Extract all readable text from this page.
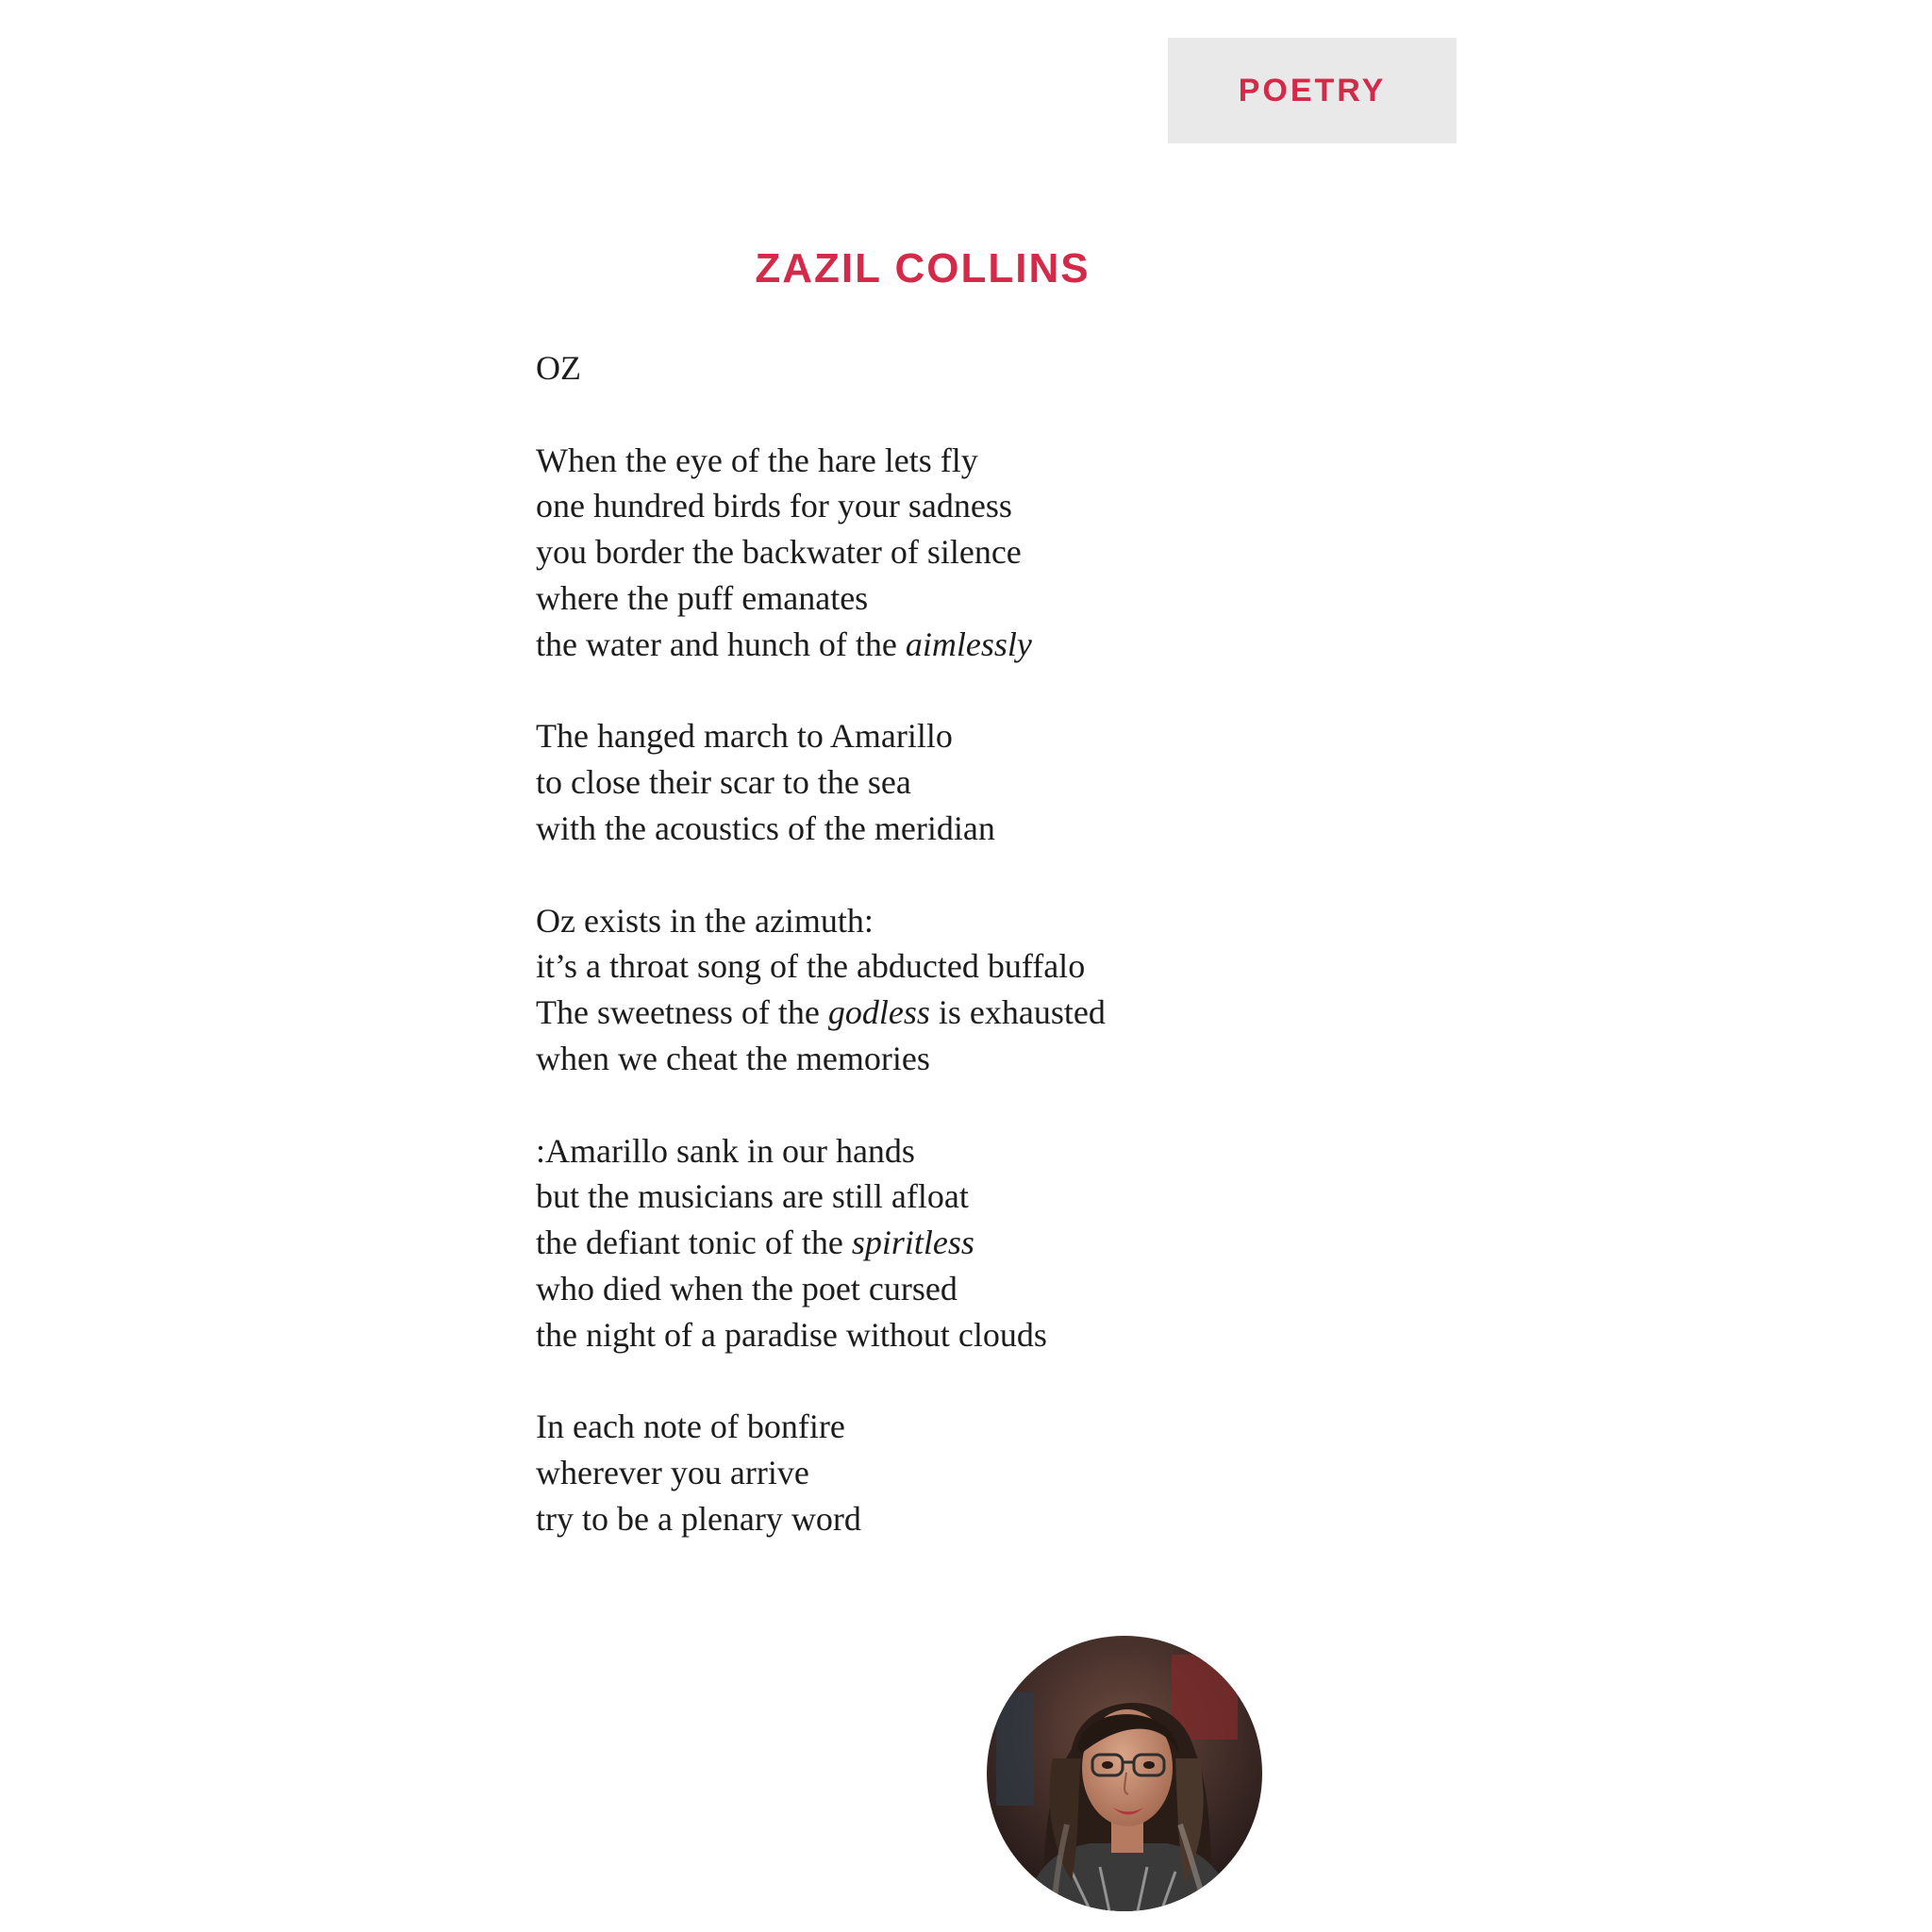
POETRY
ZAZIL COLLINS
OZ
When the eye of the hare lets fly
one hundred birds for your sadness
you border the backwater of silence
where the puff emanates
the water and hunch of the aimlessly
The hanged march to Amarillo
to close their scar to the sea
with the acoustics of the meridian
Oz exists in the azimuth:
it’s a throat song of the abducted buffalo
The sweetness of the godless is exhausted
when we cheat the memories
:Amarillo sank in our hands
but the musicians are still afloat
the defiant tonic of the spiritless
who died when the poet cursed
the night of a paradise without clouds
In each note of bonfire
wherever you arrive
try to be a plenary word
